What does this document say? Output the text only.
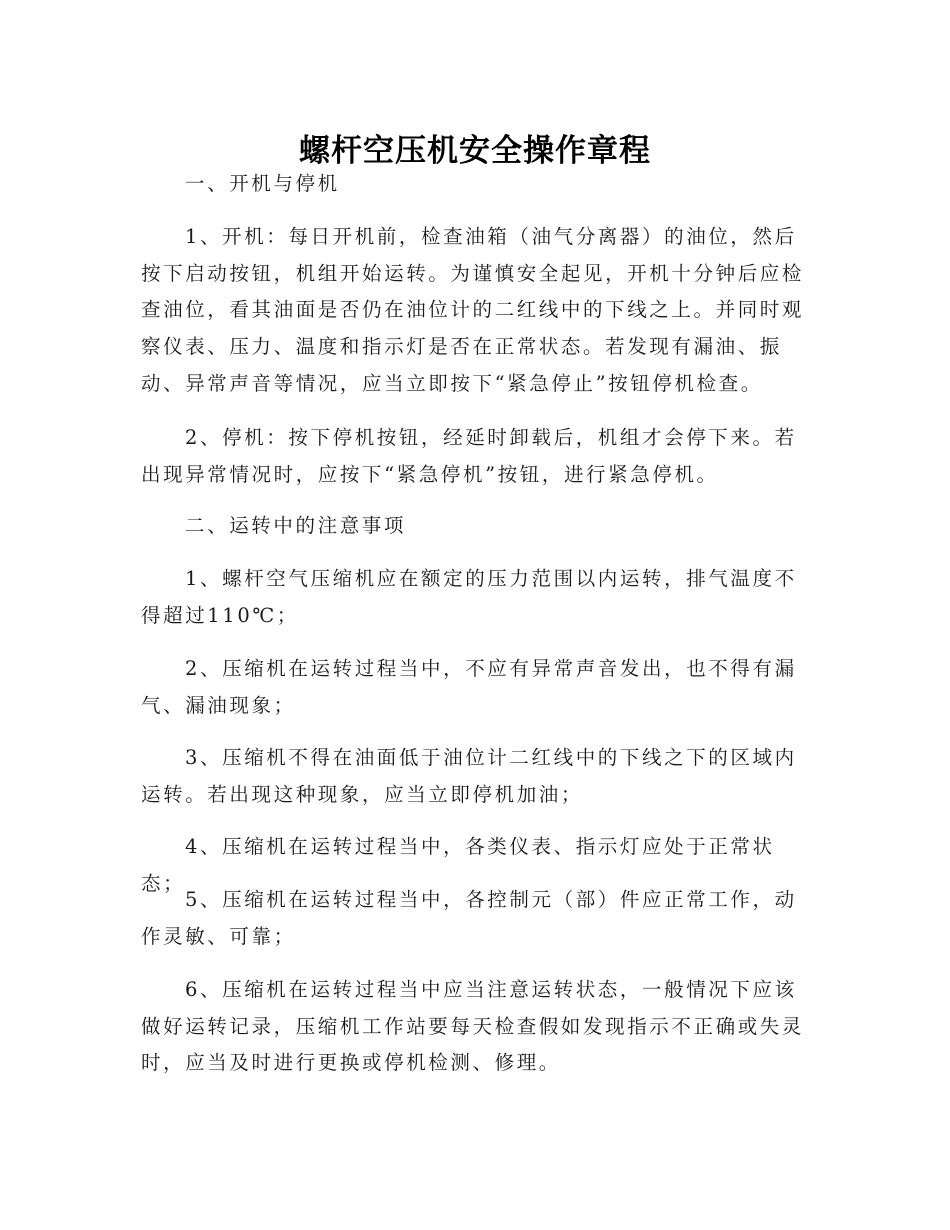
螺杆空压机安全操作章程

一、开机与停机

1、开机：每日开机前，检查油箱（油气分离器）的油位，然后按下启动按钮，机组开始运转。为谨慎安全起见，开机十分钟后应检查油位，看其油面是否仍在油位计的二红线中的下线之上。并同时观察仪表、压力、温度和指示灯是否在正常状态。若发现有漏油、振动、异常声音等情况，应当立即按下“紧急停止”按钮停机检查。

2、停机：按下停机按钮，经延时卸载后，机组才会停下来。若出现异常情况时，应按下“紧急停机”按钮，进行紧急停机。

二、运转中的注意事项

1、螺杆空气压缩机应在额定的压力范围以内运转，排气温度不得超过110℃；

2、压缩机在运转过程当中，不应有异常声音发出，也不得有漏气、漏油现象；

3、压缩机不得在油面低于油位计二红线中的下线之下的区域内运转。若出现这种现象，应当立即停机加油；

4、压缩机在运转过程当中，各类仪表、指示灯应处于正常状态；

5、压缩机在运转过程当中，各控制元（部）件应正常工作，动作灵敏、可靠；

6、压缩机在运转过程当中应当注意运转状态，一般情况下应该做好运转记录，压缩机工作站要每天检查假如发现指示不正确或失灵时，应当及时进行更换或停机检测、修理。
